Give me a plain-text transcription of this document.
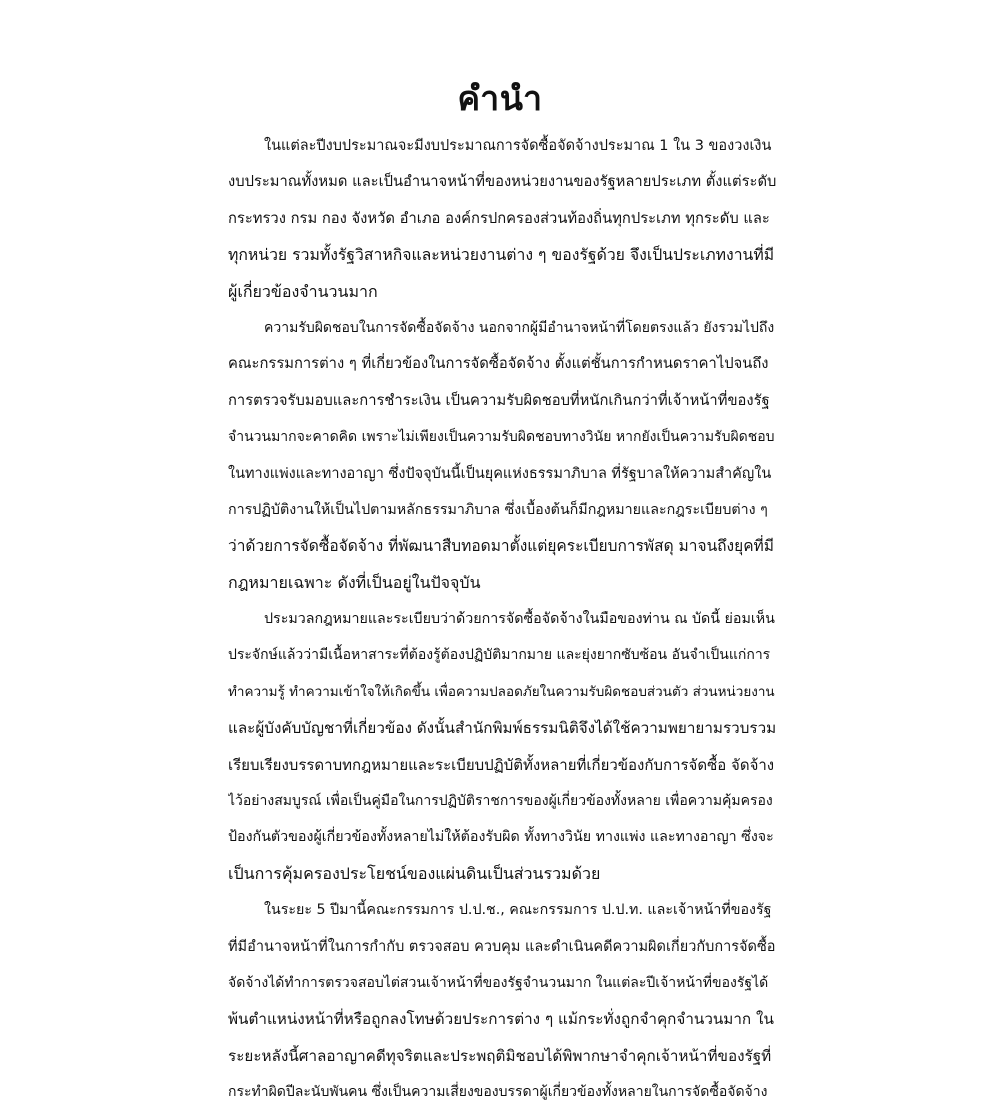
คำนำ
ในแต่ละปีงบประมาณจะมีงบประมาณการจัดซื้อจัดจ้างประมาณ 1 ใน 3 ของวงเงิน
งบประมาณทั้งหมด และเป็นอำนาจหน้าที่ของหน่วยงานของรัฐหลายประเภท ตั้งแต่ระดับ
กระทรวง กรม กอง จังหวัด อำเภอ องค์กรปกครองส่วนท้องถิ่นทุกประเภท ทุกระดับ และ
ทุกหน่วย รวมทั้งรัฐวิสาหกิจและหน่วยงานต่าง ๆ ของรัฐด้วย จึงเป็นประเภทงานที่มี
ผู้เกี่ยวข้องจำนวนมาก
ความรับผิดชอบในการจัดซื้อจัดจ้าง นอกจากผู้มีอำนาจหน้าที่โดยตรงแล้ว ยังรวมไปถึง
คณะกรรมการต่าง ๆ ที่เกี่ยวข้องในการจัดซื้อจัดจ้าง ตั้งแต่ชั้นการกำหนดราคาไปจนถึง
การตรวจรับมอบและการชำระเงิน เป็นความรับผิดชอบที่หนักเกินกว่าที่เจ้าหน้าที่ของรัฐ
จำนวนมากจะคาดคิด เพราะไม่เพียงเป็นความรับผิดชอบทางวินัย หากยังเป็นความรับผิดชอบ
ในทางแพ่งและทางอาญา ซึ่งปัจจุบันนี้เป็นยุคแห่งธรรมาภิบาล ที่รัฐบาลให้ความสำคัญใน
การปฏิบัติงานให้เป็นไปตามหลักธรรมาภิบาล ซึ่งเบื้องต้นก็มีกฎหมายและกฎระเบียบต่าง ๆ
ว่าด้วยการจัดซื้อจัดจ้าง ที่พัฒนาสืบทอดมาตั้งแต่ยุคระเบียบการพัสดุ มาจนถึงยุคที่มี
กฎหมายเฉพาะ ดังที่เป็นอยู่ในปัจจุบัน
ประมวลกฎหมายและระเบียบว่าด้วยการจัดซื้อจัดจ้างในมือของท่าน ณ บัดนี้ ย่อมเห็น
ประจักษ์แล้วว่ามีเนื้อหาสาระที่ต้องรู้ต้องปฏิบัติมากมาย และยุ่งยากซับซ้อน อันจำเป็นแก่การ
ทำความรู้ ทำความเข้าใจให้เกิดขึ้น เพื่อความปลอดภัยในความรับผิดชอบส่วนตัว ส่วนหน่วยงาน
และผู้บังคับบัญชาที่เกี่ยวข้อง ดังนั้นสำนักพิมพ์ธรรมนิติจึงได้ใช้ความพยายามรวบรวม
เรียบเรียงบรรดาบทกฎหมายและระเบียบปฏิบัติทั้งหลายที่เกี่ยวข้องกับการจัดซื้อ จัดจ้าง
ไว้อย่างสมบูรณ์ เพื่อเป็นคู่มือในการปฏิบัติราชการของผู้เกี่ยวข้องทั้งหลาย เพื่อความคุ้มครอง
ป้องกันตัวของผู้เกี่ยวข้องทั้งหลายไม่ให้ต้องรับผิด ทั้งทางวินัย ทางแพ่ง และทางอาญา ซึ่งจะ
เป็นการคุ้มครองประโยชน์ของแผ่นดินเป็นส่วนรวมด้วย
ในระยะ 5 ปีมานี้คณะกรรมการ ป.ป.ช., คณะกรรมการ ป.ป.ท. และเจ้าหน้าที่ของรัฐ
ที่มีอำนาจหน้าที่ในการกำกับ ตรวจสอบ ควบคุม และดำเนินคดีความผิดเกี่ยวกับการจัดซื้อ
จัดจ้างได้ทำการตรวจสอบไต่สวนเจ้าหน้าที่ของรัฐจำนวนมาก ในแต่ละปีเจ้าหน้าที่ของรัฐได้
พ้นตำแหน่งหน้าที่หรือถูกลงโทษด้วยประการต่าง ๆ แม้กระทั่งถูกจำคุกจำนวนมาก ใน
ระยะหลังนี้ศาลอาญาคดีทุจริตและประพฤติมิชอบได้พิพากษาจำคุกเจ้าหน้าที่ของรัฐที่
กระทำผิดปีละนับพันคน ซึ่งเป็นความเสี่ยงของบรรดาผู้เกี่ยวข้องทั้งหลายในการจัดซื้อจัดจ้าง
